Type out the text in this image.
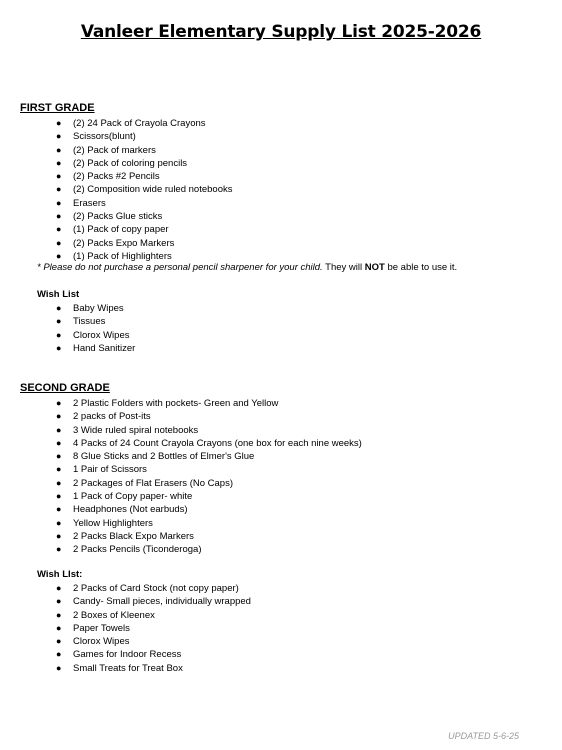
Vanleer Elementary Supply List 2025-2026
FIRST GRADE
● (2) 24 Pack of Crayola Crayons
● Scissors(blunt)
● (2) Pack of markers
● (2) Pack of coloring pencils
● (2) Packs #2 Pencils
● (2) Composition wide ruled notebooks
● Erasers
● (2) Packs Glue sticks
● (1) Pack of copy paper
● (2) Packs Expo Markers
● (1) Pack of Highlighters
* Please do not purchase a personal pencil sharpener for your child. They will NOT be able to use it.
Wish List
● Baby Wipes
● Tissues
● Clorox Wipes
● Hand Sanitizer
SECOND GRADE
● 2 Plastic Folders with pockets- Green and Yellow
● 2 packs of Post-its
● 3 Wide ruled spiral notebooks
● 4 Packs of 24 Count Crayola Crayons (one box for each nine weeks)
● 8 Glue Sticks and 2 Bottles of Elmer's Glue
● 1 Pair of Scissors
● 2 Packages of Flat Erasers (No Caps)
● 1 Pack of Copy paper- white
● Headphones (Not earbuds)
● Yellow Highlighters
● 2 Packs Black Expo Markers
● 2 Packs Pencils (Ticonderoga)
Wish LIst:
● 2 Packs of Card Stock (not copy paper)
● Candy- Small pieces, individually wrapped
● 2 Boxes of Kleenex
● Paper Towels
● Clorox Wipes
● Games for Indoor Recess
● Small Treats for Treat Box
UPDATED 5-6-25
